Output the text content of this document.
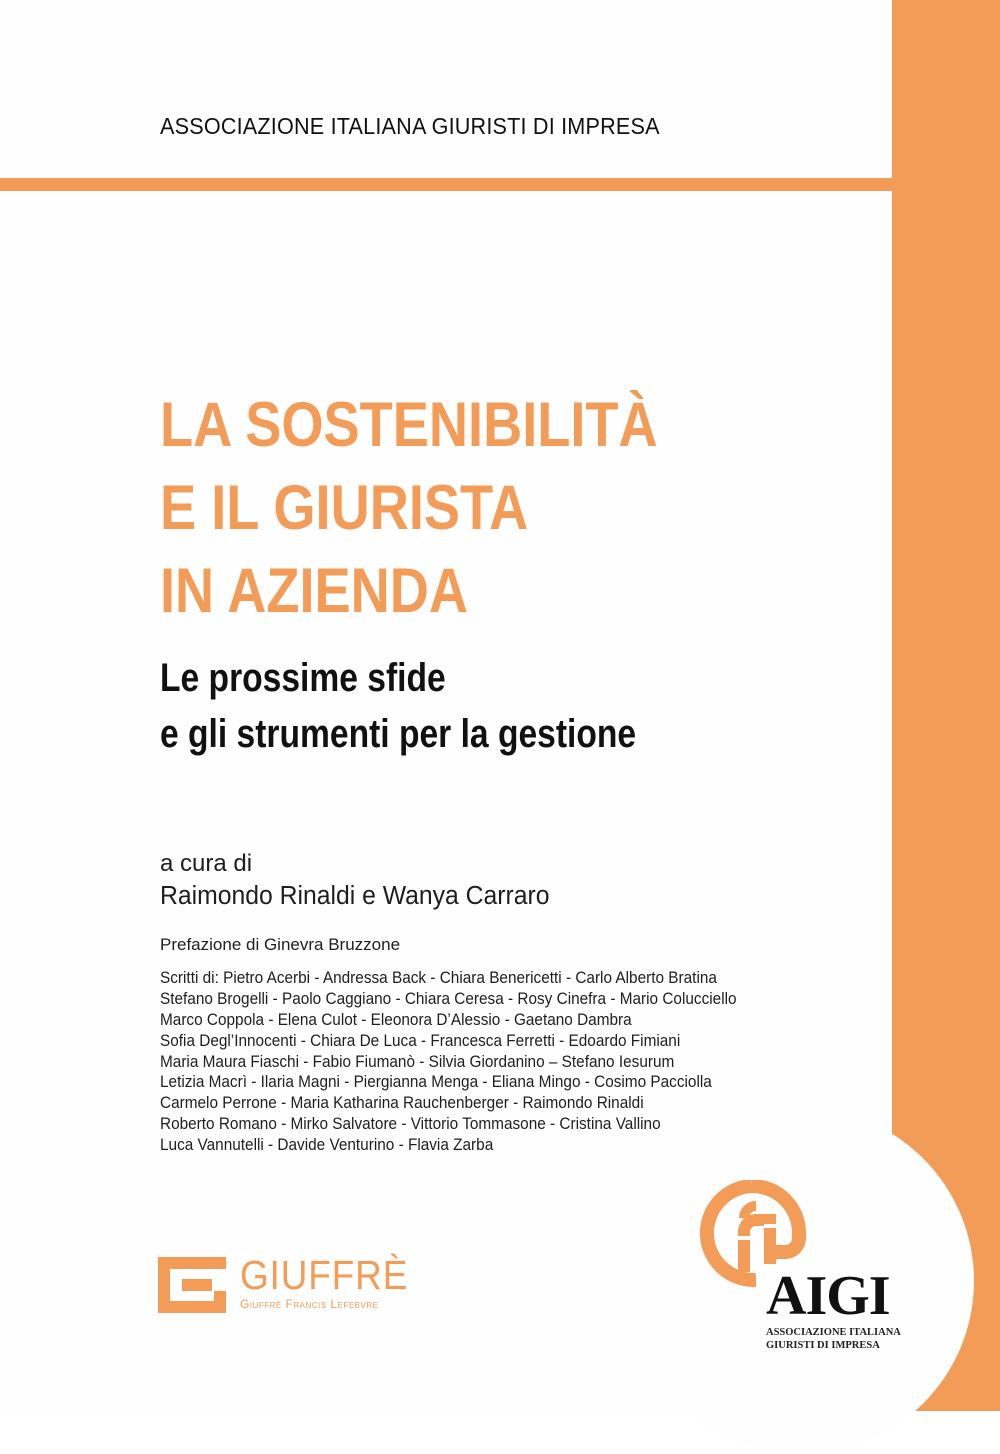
ASSOCIAZIONE ITALIANA GIURISTI DI IMPRESA
LA SOSTENIBILITÀ
E IL GIURISTA
IN AZIENDA
Le prossime sfide
e gli strumenti per la gestione
a cura di
Raimondo Rinaldi e Wanya Carraro
Prefazione di Ginevra Bruzzone
Scritti di: Pietro Acerbi - Andressa Back - Chiara Benericetti - Carlo Alberto Bratina
Stefano Brogelli - Paolo Caggiano - Chiara Ceresa - Rosy Cinefra - Mario Colucciello
Marco Coppola - Elena Culot - Eleonora D’Alessio - Gaetano Dambra
Sofia Degl’Innocenti - Chiara De Luca - Francesca Ferretti - Edoardo Fimiani
Maria Maura Fiaschi - Fabio Fiumanò - Silvia Giordanino – Stefano Iesurum
Letizia Macrì - Ilaria Magni - Piergianna Menga - Eliana Mingo - Cosimo Pacciolla
Carmelo Perrone - Maria Katharina Rauchenberger - Raimondo Rinaldi
Roberto Romano - Mirko Salvatore - Vittorio Tommasone - Cristina Vallino
Luca Vannutelli - Davide Venturino - Flavia Zarba
GIUFFRÈ
Giuffrè Francis Lefebvre	AIGI
ASSOCIAZIONE ITALIANA
GIURISTI DI IMPRESA
